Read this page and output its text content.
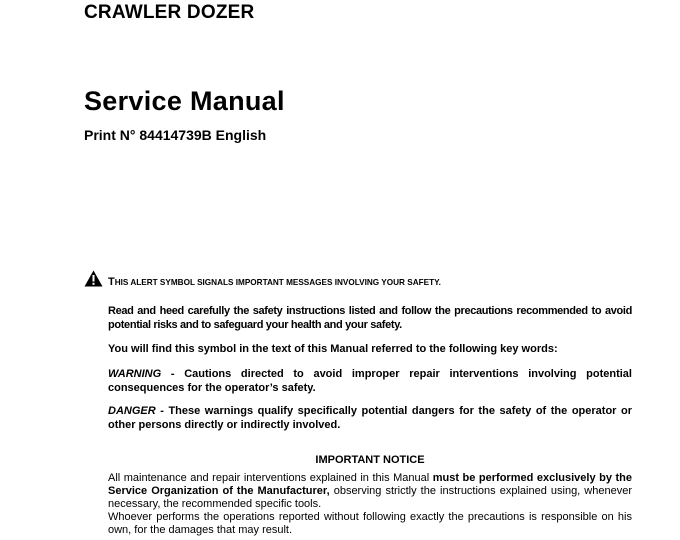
CRAWLER DOZER
Service Manual
Print N° 84414739B English
THIS ALERT SYMBOL SIGNALS IMPORTANT MESSAGES INVOLVING YOUR SAFETY.
Read and heed carefully the safety instructions listed and follow the precautions recommended to avoid potential risks and to safeguard your health and your safety.
You will find this symbol in the text of this Manual referred to the following key words:
WARNING - Cautions directed to avoid improper repair interventions involving potential consequences for the operator’s safety.
DANGER - These warnings qualify specifically potential dangers for the safety of the operator or other persons directly or indirectly involved.
IMPORTANT NOTICE

All maintenance and repair interventions explained in this Manual must be performed exclusively by the Service Organization of the Manufacturer, observing strictly the instructions explained using, whenever necessary, the recommended specific tools.

Whoever performs the operations reported without following exactly the precautions is responsible on his own, for the damages that may result.
